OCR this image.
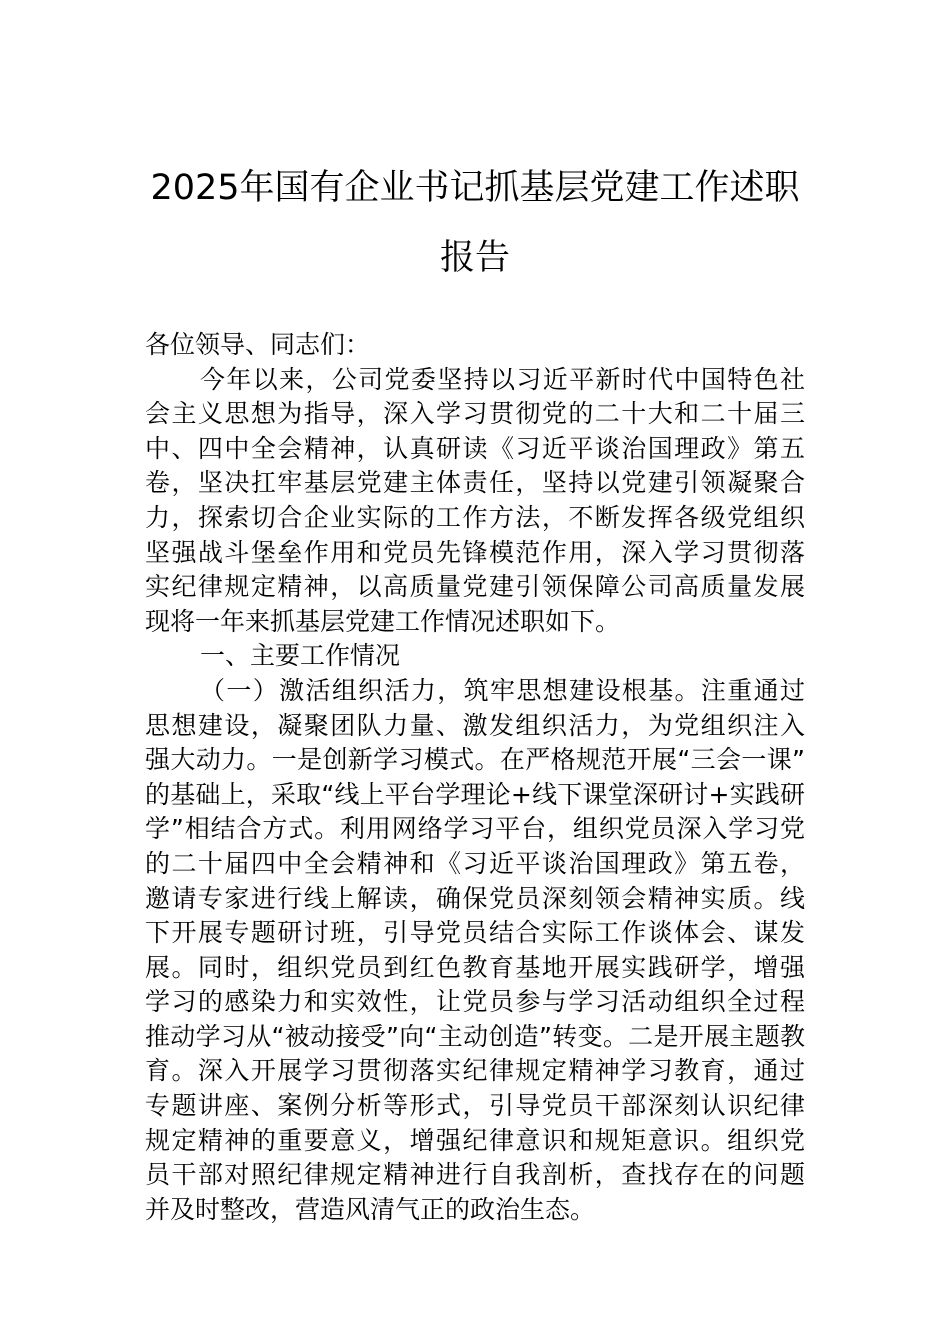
2025年国有企业书记抓基层党建工作述职
报告
各位领导、同志们：
今年以来，公司党委坚持以习近平新时代中国特色社
会主义思想为指导，深入学习贯彻党的二十大和二十届三
中、四中全会精神，认真研读《习近平谈治国理政》第五
卷，坚决扛牢基层党建主体责任，坚持以党建引领凝聚合
力，探索切合企业实际的工作方法，不断发挥各级党组织
坚强战斗堡垒作用和党员先锋模范作用，深入学习贯彻落
实纪律规定精神，以高质量党建引领保障公司高质量发展
现将一年来抓基层党建工作情况述职如下。
一、主要工作情况
（一）激活组织活力，筑牢思想建设根基。注重通过
思想建设，凝聚团队力量、激发组织活力，为党组织注入
强大动力。一是创新学习模式。在严格规范开展“三会一课”
的基础上，采取“线上平台学理论+线下课堂深研讨+实践研
学”相结合方式。利用网络学习平台，组织党员深入学习党
的二十届四中全会精神和《习近平谈治国理政》第五卷，
邀请专家进行线上解读，确保党员深刻领会精神实质。线
下开展专题研讨班，引导党员结合实际工作谈体会、谋发
展。同时，组织党员到红色教育基地开展实践研学，增强
学习的感染力和实效性，让党员参与学习活动组织全过程
推动学习从“被动接受”向“主动创造”转变。二是开展主题教
育。深入开展学习贯彻落实纪律规定精神学习教育，通过
专题讲座、案例分析等形式，引导党员干部深刻认识纪律
规定精神的重要意义，增强纪律意识和规矩意识。组织党
员干部对照纪律规定精神进行自我剖析，查找存在的问题
并及时整改，营造风清气正的政治生态。
